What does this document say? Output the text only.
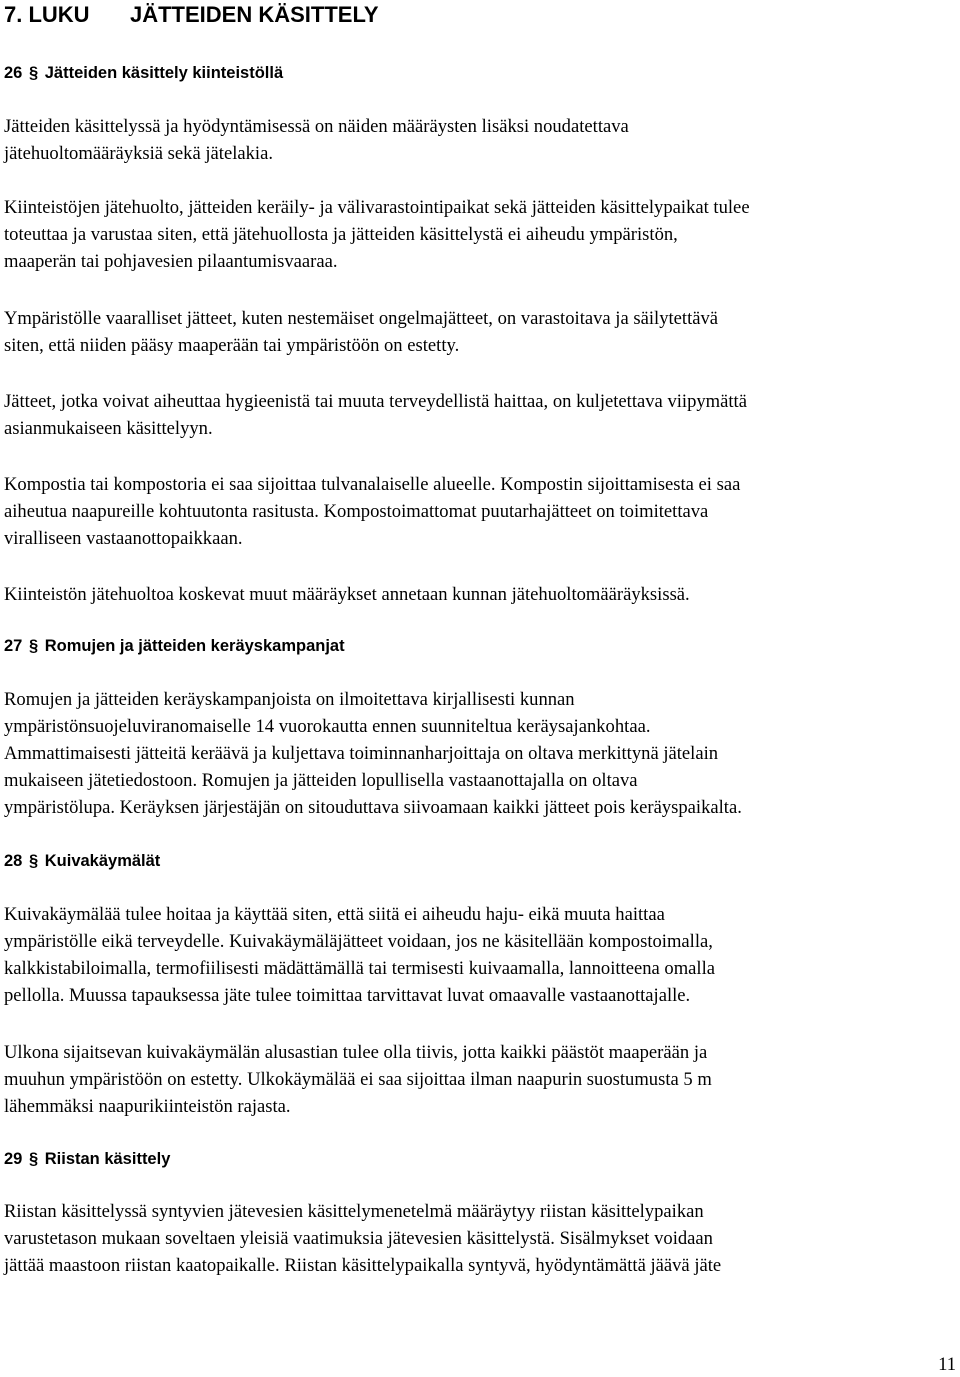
7. LUKU JÄTTEIDEN KÄSITTELY
26 § Jätteiden käsittely kiinteistöllä

Jätteiden käsittelyssä ja hyödyntämisessä on näiden määräysten lisäksi noudatettava
jätehuoltomääräyksiä sekä jätelakia.

Kiinteistöjen jätehuolto, jätteiden keräily- ja välivarastointipaikat sekä jätteiden käsittelypaikat tulee
toteuttaa ja varustaa siten, että jätehuollosta ja jätteiden käsittelystä ei aiheudu ympäristön,
maaperän tai pohjavesien pilaantumisvaaraa.

Ympäristölle vaaralliset jätteet, kuten nestemäiset ongelmajätteet, on varastoitava ja säilytettävä
siten, että niiden pääsy maaperään tai ympäristöön on estetty.

Jätteet, jotka voivat aiheuttaa hygieenistä tai muuta terveydellistä haittaa, on kuljetettava viipymättä
asianmukaiseen käsittelyyn.

Kompostia tai kompostoria ei saa sijoittaa tulvanalaiselle alueelle. Kompostin sijoittamisesta ei saa
aiheutua naapureille kohtuutonta rasitusta. Kompostoimattomat puutarhajätteet on toimitettava
viralliseen vastaanottopaikkaan.

Kiinteistön jätehuoltoa koskevat muut määräykset annetaan kunnan jätehuoltomääräyksissä.

27 § Romujen ja jätteiden keräyskampanjat

Romujen ja jätteiden keräyskampanjoista on ilmoitettava kirjallisesti kunnan
ympäristönsuojeluviranomaiselle 14 vuorokautta ennen suunniteltua keräysajankohtaa.
Ammattimaisesti jätteitä keräävä ja kuljettava toiminnanharjoittaja on oltava merkittynä jätelain
mukaiseen jätetiedostoon. Romujen ja jätteiden lopullisella vastaanottajalla on oltava
ympäristölupa. Keräyksen järjestäjän on sitouduttava siivoamaan kaikki jätteet pois keräyspaikalta.

28 § Kuivakäymälät

Kuivakäymälää tulee hoitaa ja käyttää siten, että siitä ei aiheudu haju- eikä muuta haittaa
ympäristölle eikä terveydelle. Kuivakäymäläjätteet voidaan, jos ne käsitellään kompostoimalla,
kalkkistabiloimalla, termofiilisesti mädättämällä tai termisesti kuivaamalla, lannoitteena omalla
pellolla. Muussa tapauksessa jäte tulee toimittaa tarvittavat luvat omaavalle vastaanottajalle.

Ulkona sijaitsevan kuivakäymälän alusastian tulee olla tiivis, jotta kaikki päästöt maaperään ja
muuhun ympäristöön on estetty. Ulkokäymälää ei saa sijoittaa ilman naapurin suostumusta 5 m
lähemmäksi naapurikiinteistön rajasta.

29 § Riistan käsittely

Riistan käsittelyssä syntyvien jätevesien käsittelymenetelmä määräytyy riistan käsittelypaikan
varustetason mukaan soveltaen yleisiä vaatimuksia jätevesien käsittelystä. Sisälmykset voidaan
jättää maastoon riistan kaatopaikalle. Riistan käsittelypaikalla syntyvä, hyödyntämättä jäävä jäte

11
